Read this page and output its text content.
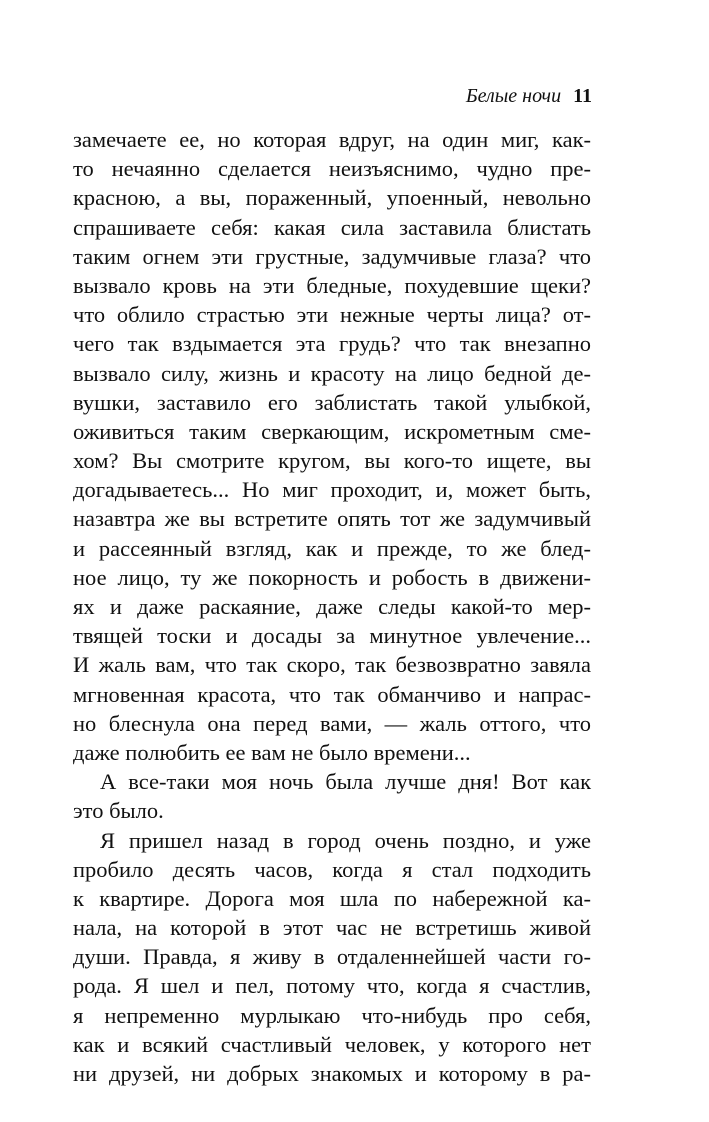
Белые ночи 11
замечаете ее, но которая вдруг, на один миг, как-
то нечаянно сделается неизъяснимо, чудно пре-
красною, а вы, пораженный, упоенный, невольно
спрашиваете себя: какая сила заставила блистать
таким огнем эти грустные, задумчивые глаза? что
вызвало кровь на эти бледные, похудевшие щеки?
что облило страстью эти нежные черты лица? от-
чего так вздымается эта грудь? что так внезапно
вызвало силу, жизнь и красоту на лицо бедной де-
вушки, заставило его заблистать такой улыбкой,
оживиться таким сверкающим, искрометным сме-
хом? Вы смотрите кругом, вы кого-то ищете, вы
догадываетесь... Но миг проходит, и, может быть,
назавтра же вы встретите опять тот же задумчивый
и рассеянный взгляд, как и прежде, то же блед-
ное лицо, ту же покорность и робость в движени-
ях и даже раскаяние, даже следы какой-то мер-
твящей тоски и досады за минутное увлечение...
И жаль вам, что так скоро, так безвозвратно завяла
мгновенная красота, что так обманчиво и напрас-
но блеснула она перед вами, — жаль оттого, что
даже полюбить ее вам не было времени...
А все-таки моя ночь была лучше дня! Вот как
это было.
Я пришел назад в город очень поздно, и уже
пробило десять часов, когда я стал подходить
к квартире. Дорога моя шла по набережной ка-
нала, на которой в этот час не встретишь живой
души. Правда, я живу в отдаленнейшей части го-
рода. Я шел и пел, потому что, когда я счастлив,
я непременно мурлыкаю что-нибудь про себя,
как и всякий счастливый человек, у которого нет
ни друзей, ни добрых знакомых и которому в ра-
